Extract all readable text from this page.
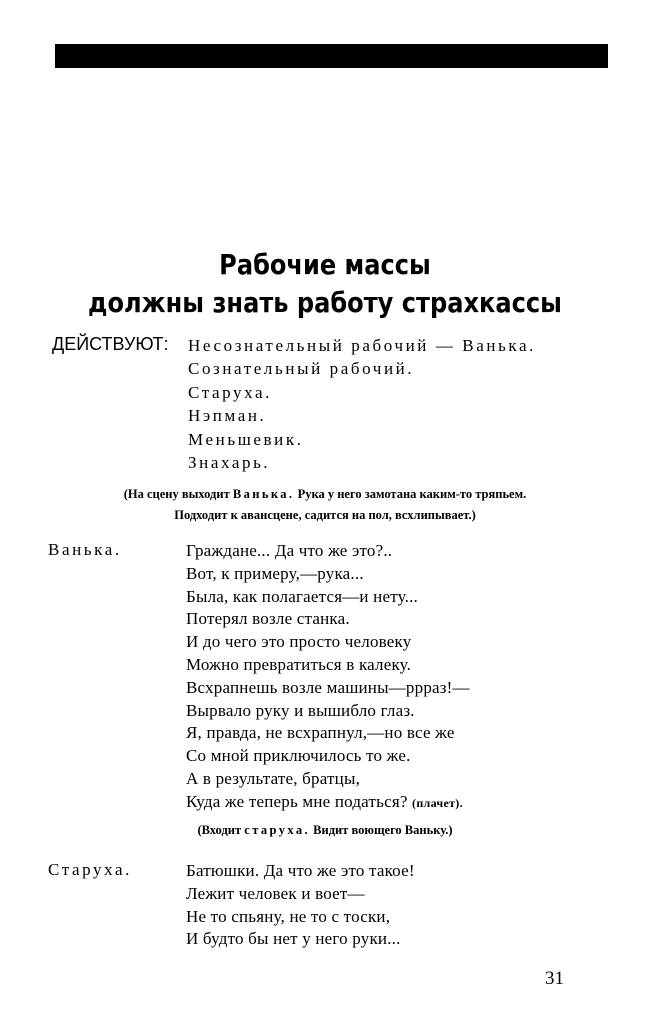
Рабочие массы
должны знать работу страхкассы
ДЕЙСТВУЮТ: Несознательный рабочий — Ванька.
Сознательный рабочий.
Старуха.
Нэпман.
Меньшевик.
Знахарь.
(На сцену выходит Ванька. Рука у него замотана каким-то тряпьем.
Подходит к авансцене, садится на пол, всхлипывает.)
Ванька.	Граждане... Да что же это?..
Вот, к примеру,—рука...
Была, как полагается—и нету...
Потерял возле станка.
И до чего это просто человеку
Можно превратиться в калеку.
Всхрапнешь возле машины—ррраз!—
Вырвало руку и вышибло глаз.
Я, правда, не всхрапнул,—но все же
Со мной приключилось то же.
А в результате, братцы,
Куда же теперь мне податься? (плачет).
(Входит старуха. Видит воющего Ваньку.)
Старуха.	Батюшки. Да что же это такое!
Лежит человек и воет—
Не то спьяну, не то с тоски,
И будто бы нет у него руки...
31
